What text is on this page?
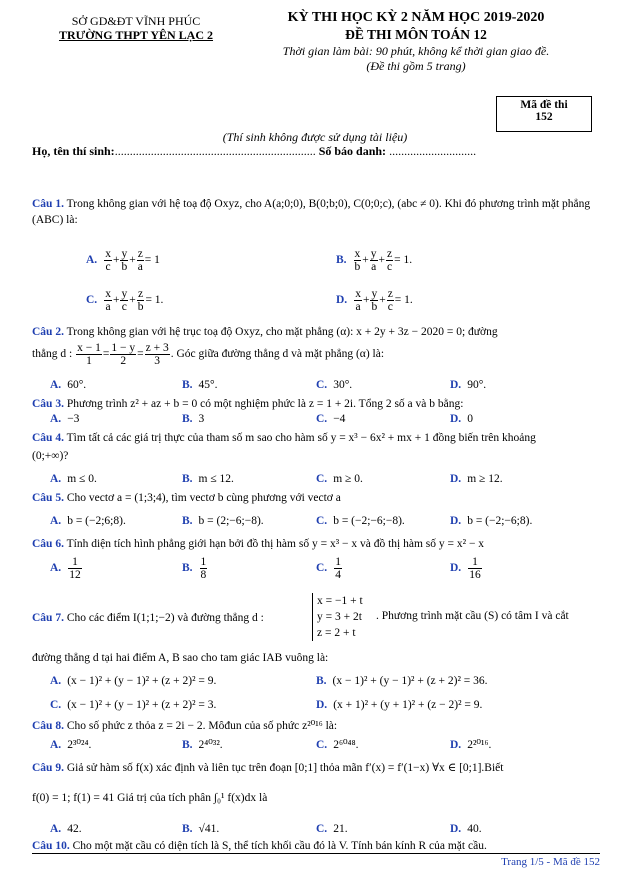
SỞ GD&ĐT VĨNH PHÚC
TRƯỜNG THPT YÊN LẠC 2
KỲ THI HỌC KỲ 2 NĂM HỌC 2019-2020
ĐỀ THI MÔN TOÁN 12
Thời gian làm bài: 90 phút, không kể thời gian giao đề.
(Đề thi gồm 5 trang)
Mã đề thi
152
(Thí sinh không được sử dụng tài liệu)
Họ, tên thí sinh:................................................................... Số báo danh: .............................
Câu 1. Trong không gian với hệ toạ độ Oxyz, cho A(a;0;0), B(0;b;0), C(0;0;c), (abc ≠ 0). Khi đó phương trình mặt phẳng (ABC) là:
A. $\frac{x}{c} + \frac{y}{b} + \frac{z}{a} = 1$	B. $\frac{x}{b} + \frac{y}{a} + \frac{z}{c} = 1$.
C. $\frac{x}{a} + \frac{y}{c} + \frac{z}{b} = 1$.	D. $\frac{x}{a} + \frac{y}{b} + \frac{z}{c} = 1$.
Câu 2. Trong không gian với hệ trục toạ độ Oxyz, cho mặt phẳng (α): x + 2y + 3z − 2020 = 0; đường
thẳng d : $\frac{x - 1}{1} = \frac{1 - y}{2} = \frac{z + 3}{3}$ . Góc giữa đường thẳng d và mặt phẳng (α) là:
A. 60°.	B. 45°.	C. 30°.	D. 90°.
Câu 3. Phương trình z² + az + b = 0 có một nghiệm phức là z = 1 + 2i. Tổng 2 số a và b bằng:
A. −3	B. 3	C. −4	D. 0
Câu 4. Tìm tất cả các giá trị thực của tham số m sao cho hàm số y = x³ − 6x² + mx + 1 đồng biến trên khoảng
(0;+∞)?
A. m ≤ 0.	B. m ≤ 12.	C. m ≥ 0.	D. m ≥ 12.
Câu 5. Cho vectơ a = (1;3;4), tìm vectơ b cùng phương với vectơ a
A. b = (−2;6;8).	B. b = (2;−6;−8).	C. b = (−2;−6;−8).	D. b = (−2;−6;8).
Câu 6. Tính diện tích hình phẳng giới hạn bởi đồ thị hàm số y = x³ − x và đồ thị hàm số y = x² − x
A. $\frac{1}{12}$	B. $\frac{1}{8}$	C. $\frac{1}{4}$	D. $\frac{1}{16}$
Câu 7. Cho các điểm I(1;1;−2) và đường thẳng d :
x = −1 + t
y = 3 + 2t
z = 2 + t
. Phương trình mặt cầu (S) có tâm I và cắt
đường thẳng d tại hai điểm A, B sao cho tam giác IAB vuông là:
A. (x − 1)² + (y − 1)² + (z + 2)² = 9.	B. (x − 1)² + (y − 1)² + (z + 2)² = 36.
C. (x − 1)² + (y − 1)² + (z + 2)² = 3.	D. (x + 1)² + (y + 1)² + (z − 2)² = 9.
Câu 8. Cho số phức z thỏa z = 2i − 2. Môđun của số phức z²⁰¹⁶ là:
A. 2³⁰²⁴.	B. 2⁴⁰³².	C. 2⁶⁰⁴⁸.	D. 2²⁰¹⁶.
Câu 9. Giả sử hàm số f(x) xác định và liên tục trên đoạn [0;1] thỏa mãn f′(x) = f′(1−x) ∀x ∈ [0;1].Biết
f(0) = 1; f(1) = 41 Giá trị của tích phân ∫₀¹ f(x)dx là
A. 42.	B. √41.	C. 21.	D. 40.
Câu 10. Cho một mặt cầu có diện tích là S, thể tích khối cầu đó là V. Tính bán kính R của mặt cầu.
Trang 1/5 - Mã đề 152
